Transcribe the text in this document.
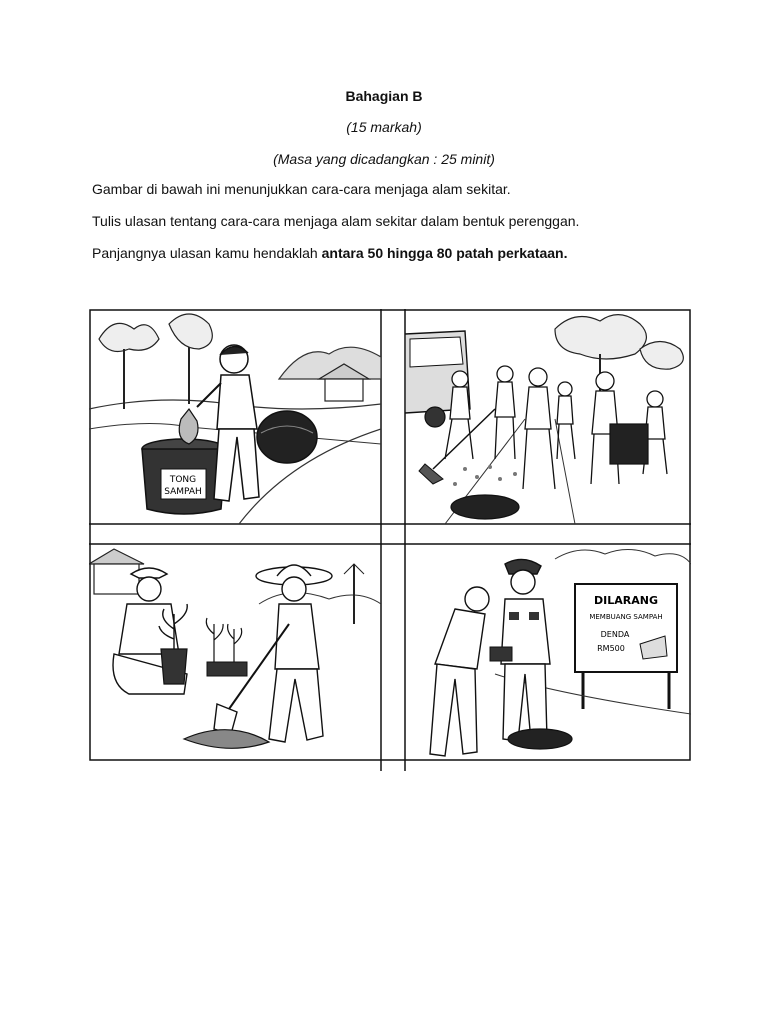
Bahagian B
(15 markah)
(Masa yang dicadangkan : 25 minit)
Gambar di bawah ini menunjukkan cara-cara menjaga alam sekitar.
Tulis ulasan tentang cara-cara menjaga alam sekitar dalam bentuk perenggan.
Panjangnya ulasan kamu hendaklah antara 50 hingga 80 patah perkataan.
TONG
SAMPAH
DILARANG
MEMBUANG SAMPAH
DENDA
RM500
